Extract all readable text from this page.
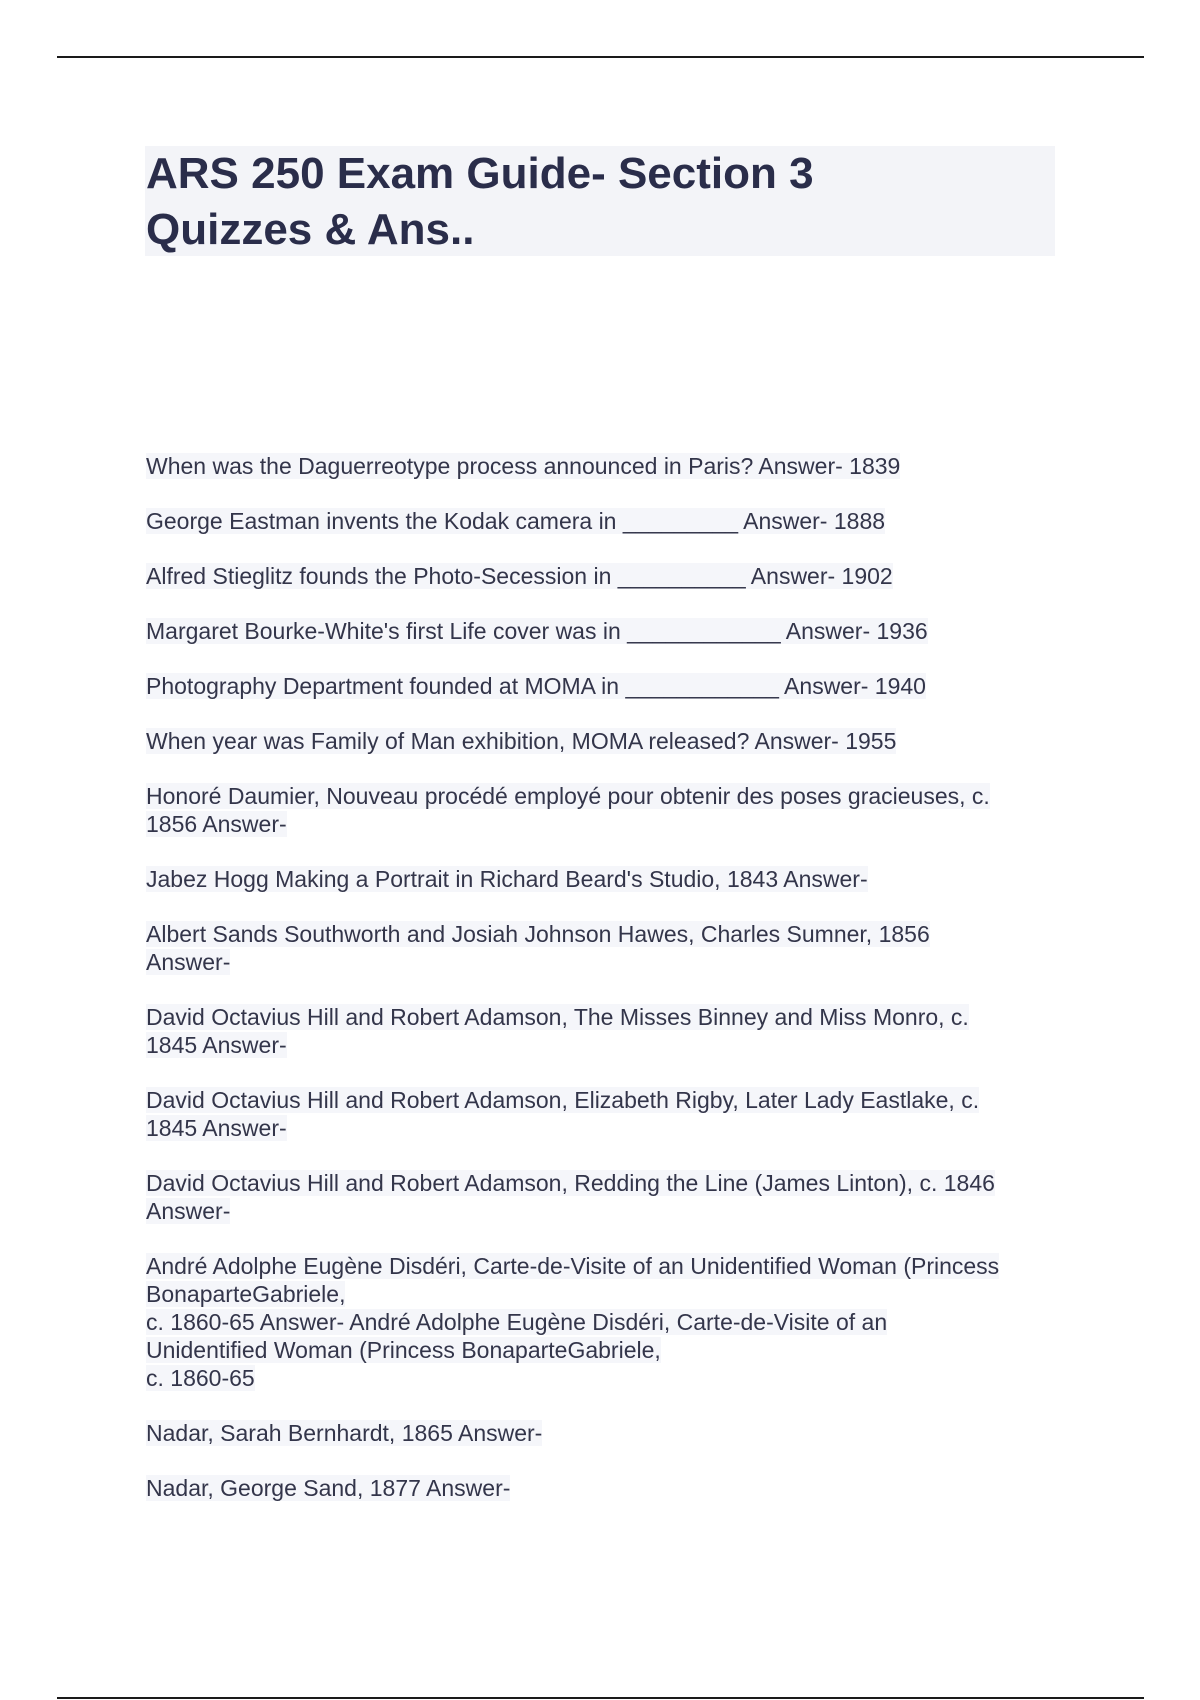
ARS 250 Exam Guide- Section 3
Quizzes & Ans..
When was the Daguerreotype process announced in Paris? Answer- 1839
George Eastman invents the Kodak camera in _________ Answer- 1888
Alfred Stieglitz founds the Photo-Secession in __________ Answer- 1902
Margaret Bourke-White's first Life cover was in ____________ Answer- 1936
Photography Department founded at MOMA in ____________ Answer- 1940
When year was Family of Man exhibition, MOMA released? Answer- 1955
Honoré Daumier, Nouveau procédé employé pour obtenir des poses gracieuses, c.
1856 Answer-
Jabez Hogg Making a Portrait in Richard Beard's Studio, 1843 Answer-
Albert Sands Southworth and Josiah Johnson Hawes, Charles Sumner, 1856
Answer-
David Octavius Hill and Robert Adamson, The Misses Binney and Miss Monro, c.
1845 Answer-
David Octavius Hill and Robert Adamson, Elizabeth Rigby, Later Lady Eastlake, c.
1845 Answer-
David Octavius Hill and Robert Adamson, Redding the Line (James Linton), c. 1846
Answer-
André Adolphe Eugène Disdéri, Carte-de-Visite of an Unidentified Woman (Princess
BonaparteGabriele,
c. 1860-65 Answer- André Adolphe Eugène Disdéri, Carte-de-Visite of an
Unidentified Woman (Princess BonaparteGabriele,
c. 1860-65
Nadar, Sarah Bernhardt, 1865 Answer-
Nadar, George Sand, 1877 Answer-
